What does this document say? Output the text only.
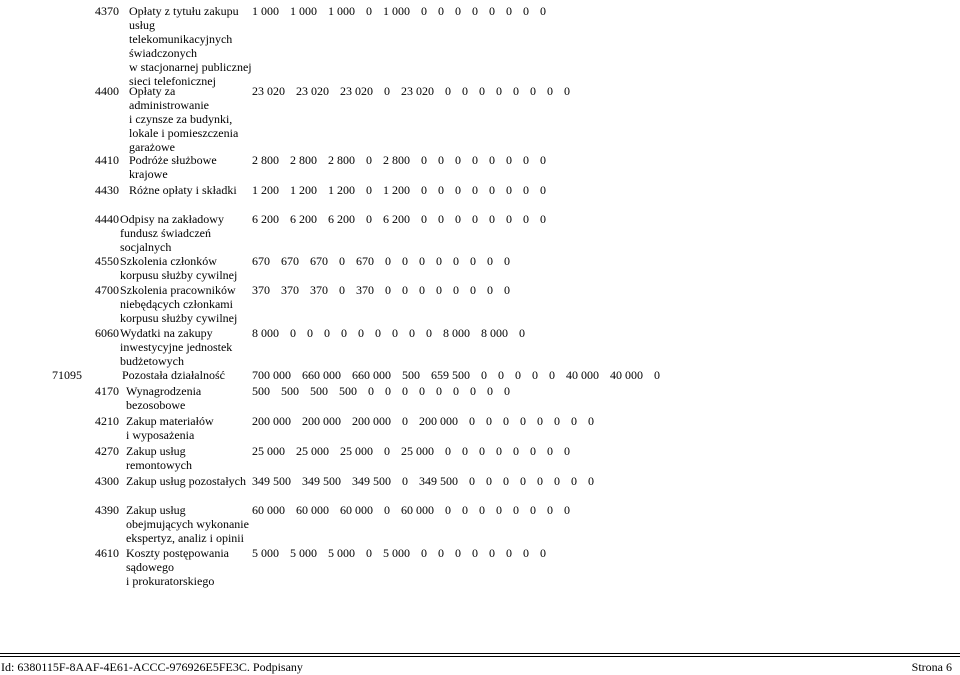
4370 Opłaty z tytułu zakupu
usług
telekomunikacyjnych
świadczonych
w stacjonarnej publicznej
sieci telefonicznej
1 000 1 000 1 000 0 1 000 0 0 0 0 0 0 0 0
4400 Opłaty za
administrowanie
i czynsze za budynki,
lokale i pomieszczenia
garażowe
23 020 23 020 23 020 0 23 020 0 0 0 0 0 0 0 0
4410 Podróże służbowe
krajowe
2 800 2 800 2 800 0 2 800 0 0 0 0 0 0 0 0
4430 Różne opłaty i składki 1 200 1 200 1 200 0 1 200 0 0 0 0 0 0 0 0
4440 Odpisy na zakładowy
fundusz świadczeń
socjalnych
6 200 6 200 6 200 0 6 200 0 0 0 0 0 0 0 0
4550 Szkolenia członków
korpusu służby cywilnej
670 670 670 0 670 0 0 0 0 0 0 0 0
4700 Szkolenia pracowników
niebędących członkami
korpusu służby cywilnej
370 370 370 0 370 0 0 0 0 0 0 0 0
6060 Wydatki na zakupy
inwestycyjne jednostek
budżetowych
8 000 0 0 0 0 0 0 0 0 0 8 000 8 000 0
71095	Pozostała działalność 700 000 660 000 660 000 500 659 500 0 0 0 0 0 40 000 40 000 0
4170 Wynagrodzenia
bezosobowe
500 500 500 500 0 0 0 0 0 0 0 0 0
4210 Zakup materiałów
i wyposażenia
200 000 200 000 200 000 0 200 000 0 0 0 0 0 0 0 0
4270 Zakup usług
remontowych
25 000 25 000 25 000 0 25 000 0 0 0 0 0 0 0 0
4300 Zakup usług pozostałych 349 500 349 500 349 500 0 349 500 0 0 0 0 0 0 0 0
4390 Zakup usług
obejmujących wykonanie
ekspertyz, analiz i opinii
60 000 60 000 60 000 0 60 000 0 0 0 0 0 0 0 0
4610 Koszty postępowania
sądowego
i prokuratorskiego
5 000 5 000 5 000 0 5 000 0 0 0 0 0 0 0 0
Id: 6380115F-8AAF-4E61-ACCC-976926E5FE3C. Podpisany	Strona 6
